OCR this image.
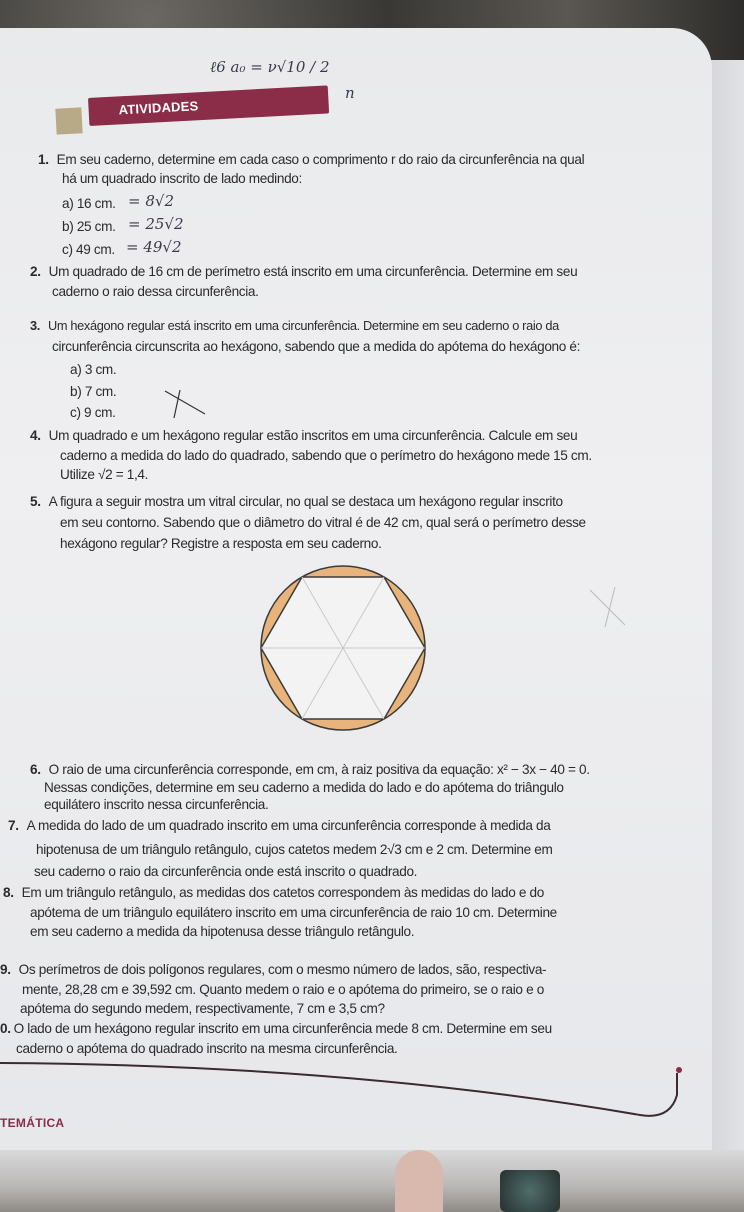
ATIVIDADES
ℓ6 a₀ = ν√10 / 2
n
1. Em seu caderno, determine em cada caso o comprimento r do raio da circunferência na qual
há um quadrado inscrito de lado medindo:
a) 16 cm. = 8√2
b) 25 cm. = 25√2
c) 49 cm. = 49√2
2. Um quadrado de 16 cm de perímetro está inscrito em uma circunferência. Determine em seu
caderno o raio dessa circunferência.
3. Um hexágono regular está inscrito em uma circunferência. Determine em seu caderno o raio da
circunferência circunscrita ao hexágono, sabendo que a medida do apótema do hexágono é:
a) 3 cm.
b) 7 cm.
c) 9 cm.
4. Um quadrado e um hexágono regular estão inscritos em uma circunferência. Calcule em seu
caderno a medida do lado do quadrado, sabendo que o perímetro do hexágono mede 15 cm.
Utilize √2 = 1,4.
5. A figura a seguir mostra um vitral circular, no qual se destaca um hexágono regular inscrito
em seu contorno. Sabendo que o diâmetro do vitral é de 42 cm, qual será o perímetro desse
hexágono regular? Registre a resposta em seu caderno.
6. O raio de uma circunferência corresponde, em cm, à raiz positiva da equação: x² − 3x − 40 = 0.
Nessas condições, determine em seu caderno a medida do lado e do apótema do triângulo
equilátero inscrito nessa circunferência.
7. A medida do lado de um quadrado inscrito em uma circunferência corresponde à medida da
hipotenusa de um triângulo retângulo, cujos catetos medem 2√3 cm e 2 cm. Determine em
seu caderno o raio da circunferência onde está inscrito o quadrado.
8. Em um triângulo retângulo, as medidas dos catetos correspondem às medidas do lado e do
apótema de um triângulo equilátero inscrito em uma circunferência de raio 10 cm. Determine
em seu caderno a medida da hipotenusa desse triângulo retângulo.
9. Os perímetros de dois polígonos regulares, com o mesmo número de lados, são, respectiva-
mente, 28,28 cm e 39,592 cm. Quanto medem o raio e o apótema do primeiro, se o raio e o
apótema do segundo medem, respectivamente, 7 cm e 3,5 cm?
0. O lado de um hexágono regular inscrito em uma circunferência mede 8 cm. Determine em seu
caderno o apótema do quadrado inscrito na mesma circunferência.
TEMÁTICA
